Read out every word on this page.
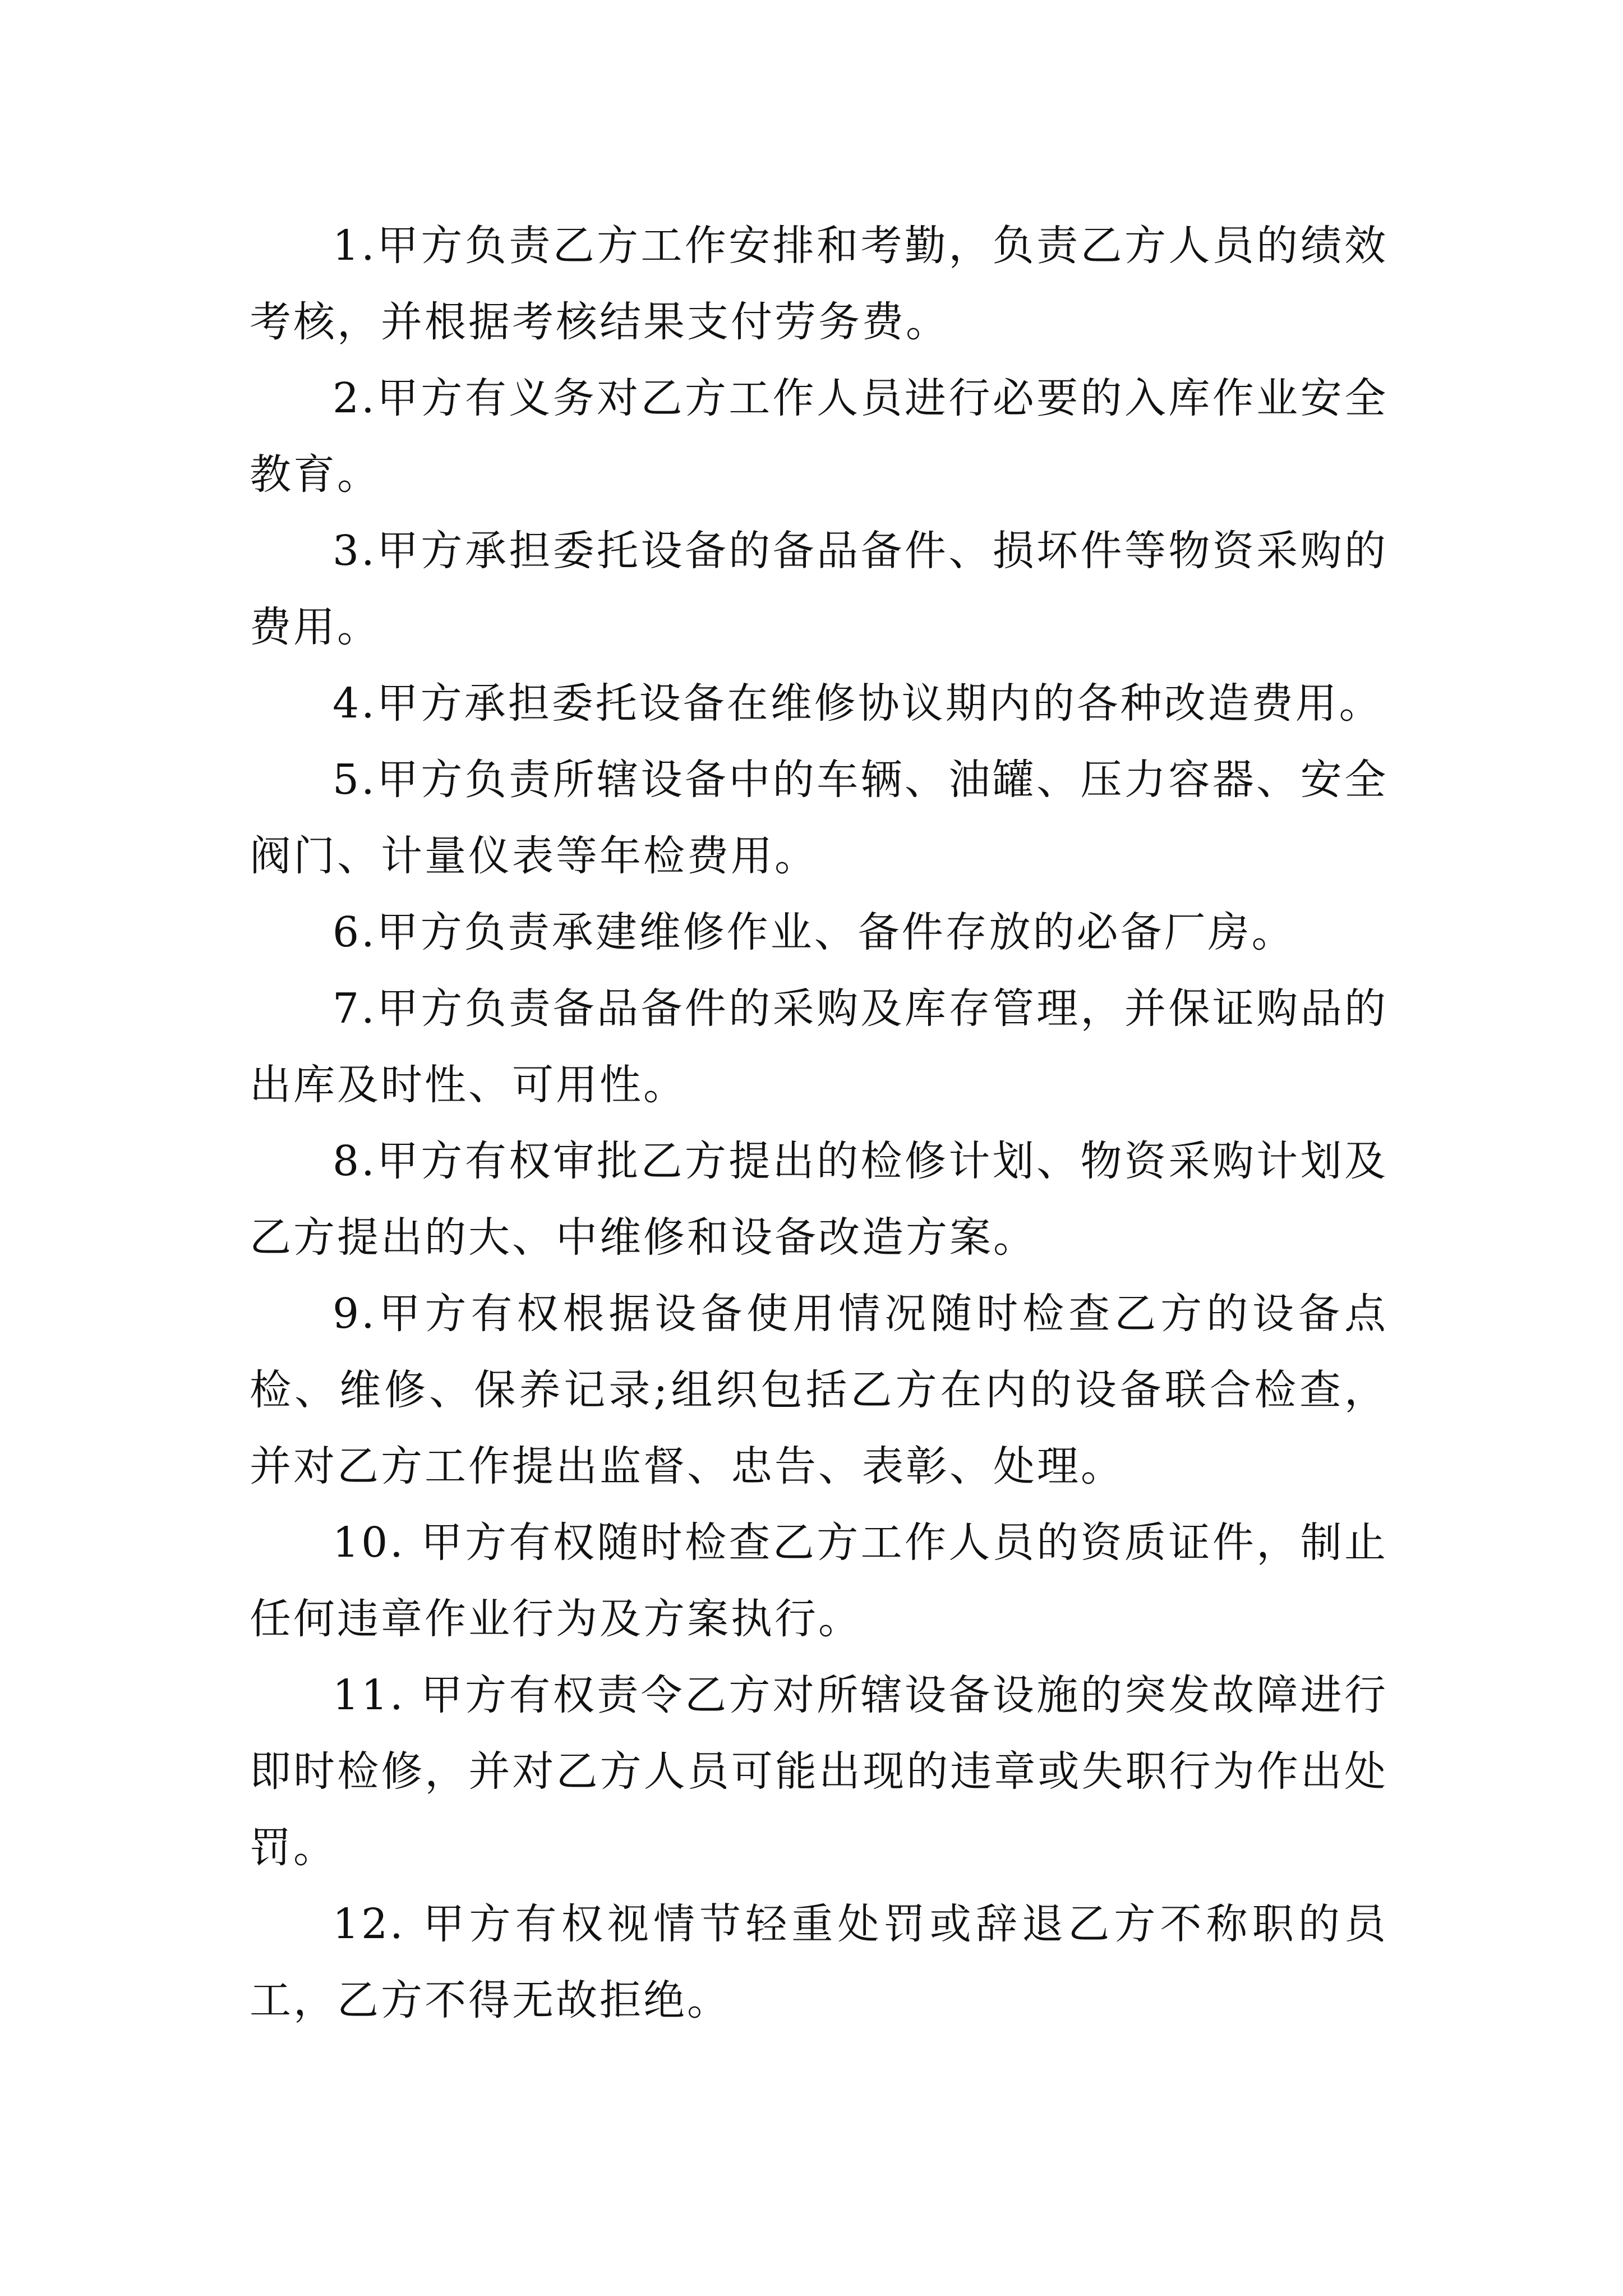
1.甲方负责乙方工作安排和考勤，负责乙方人员的绩效考核，并根据考核结果支付劳务费。

2.甲方有义务对乙方工作人员进行必要的入库作业安全教育。

3.甲方承担委托设备的备品备件、损坏件等物资采购的费用。

4.甲方承担委托设备在维修协议期内的各种改造费用。

5.甲方负责所辖设备中的车辆、油罐、压力容器、安全阀门、计量仪表等年检费用。

6.甲方负责承建维修作业、备件存放的必备厂房。

7.甲方负责备品备件的采购及库存管理，并保证购品的出库及时性、可用性。

8.甲方有权审批乙方提出的检修计划、物资采购计划及乙方提出的大、中维修和设备改造方案。

9.甲方有权根据设备使用情况随时检查乙方的设备点检、维修、保养记录;组织包括乙方在内的设备联合检查，并对乙方工作提出监督、忠告、表彰、处理。

10. 甲方有权随时检查乙方工作人员的资质证件，制止任何违章作业行为及方案执行。

11. 甲方有权责令乙方对所辖设备设施的突发故障进行即时检修，并对乙方人员可能出现的违章或失职行为作出处罚。

12. 甲方有权视情节轻重处罚或辞退乙方不称职的员工，乙方不得无故拒绝。
